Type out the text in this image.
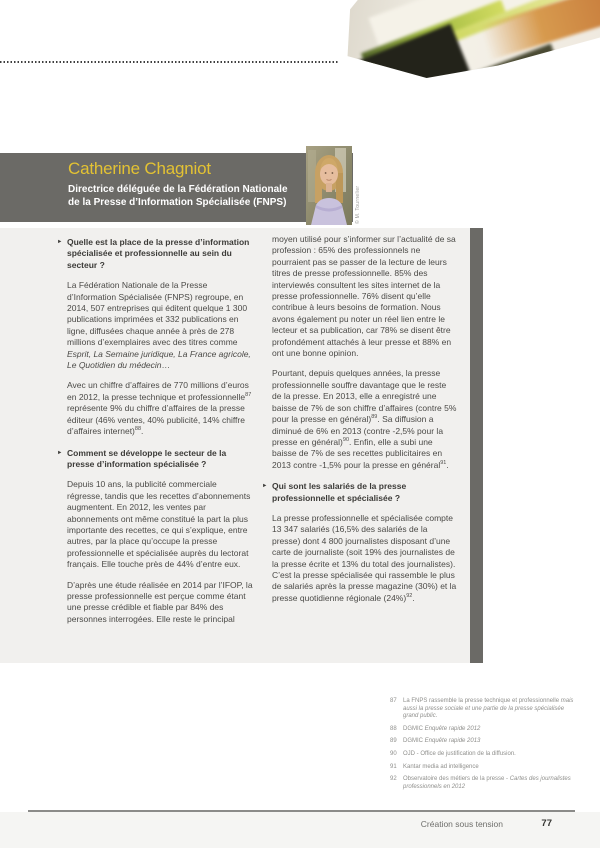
Catherine Chagniot
Directrice déléguée de la Fédération Nationale
de la Presse d’Information Spécialisée (FNPS)	© M. Tournelier
► Quelle est la place de la presse d’information spécialisée et professionnelle au sein du secteur ?

La Fédération Nationale de la Presse d’Information Spécialisée (FNPS) regroupe, en 2014, 507 entreprises qui éditent quelque 1 300 publications imprimées et 332 publications en ligne, diffusées chaque année à près de 278 millions d’exemplaires avec des titres comme Esprit, La Semaine juridique, La France agricole, Le Quotidien du médecin…

Avec un chiffre d’affaires de 770 millions d’euros en 2012, la presse technique et professionnelle$^{87}$ représente 9% du chiffre d’affaires de la presse éditeur (46% ventes, 40% publicité, 14% chiffre d’affaires internet)$^{88}$.

► Comment se développe le secteur de la presse d’information spécialisée ?

Depuis 10 ans, la publicité commerciale régresse, tandis que les recettes d’abonnements augmentent. En 2012, les ventes par abonnements ont même constitué la part la plus importante des recettes, ce qui s’explique, entre autres, par la place qu’occupe la presse professionnelle et spécialisée auprès du lectorat français. Elle touche près de 44% d’entre eux.

D’après une étude réalisée en 2014 par l’IFOP, la presse professionnelle est perçue comme étant une presse crédible et fiable par 84% des personnes interrogées. Elle reste le principal

moyen utilisé pour s’informer sur l’actualité de sa profession : 65% des professionnels ne pourraient pas se passer de la lecture de leurs titres de presse professionnelle. 85% des interviewés consultent les sites internet de la presse professionnelle. 76% disent qu’elle contribue à leurs besoins de formation. Nous avons également pu noter un réel lien entre le lecteur et sa publication, car 78% se disent être profondément attachés à leur presse et 88% en ont une bonne opinion.

Pourtant, depuis quelques années, la presse professionnelle souffre davantage que le reste de la presse. En 2013, elle a enregistré une baisse de 7% de son chiffre d’affaires (contre 5% pour la presse en général)$^{89}$. Sa diffusion a diminué de 6% en 2013 (contre -2,5% pour la presse en général)$^{90}$. Enfin, elle a subi une baisse de 7% de ses recettes publicitaires en 2013 contre -1,5% pour la presse en général$^{91}$.

► Qui sont les salariés de la presse professionnelle et spécialisée ?

La presse professionnelle et spécialisée compte 13 347 salariés (16,5% des salariés de la presse) dont 4 800 journalistes disposant d’une carte de journaliste (soit 19% des journalistes de la presse écrite et 13% du total des journalistes). C’est la presse spécialisée qui rassemble le plus de salariés après la presse magazine (30%) et la presse quotidienne régionale $(24\%)^{92}$.

87	La FNPS rassemble la presse technique et professionnelle mais aussi la presse sociale et une partie de la presse spécialisée grand public.
88	DGMIC Enquête rapide 2012
89	DGMIC Enquête rapide 2013
90	OJD - Office de justification de la diffusion.
91	Kantar media ad intelligence
92	Observatoire des métiers de la presse - Cartes des journalistes professionnels en 2012
Création sous tension	77
